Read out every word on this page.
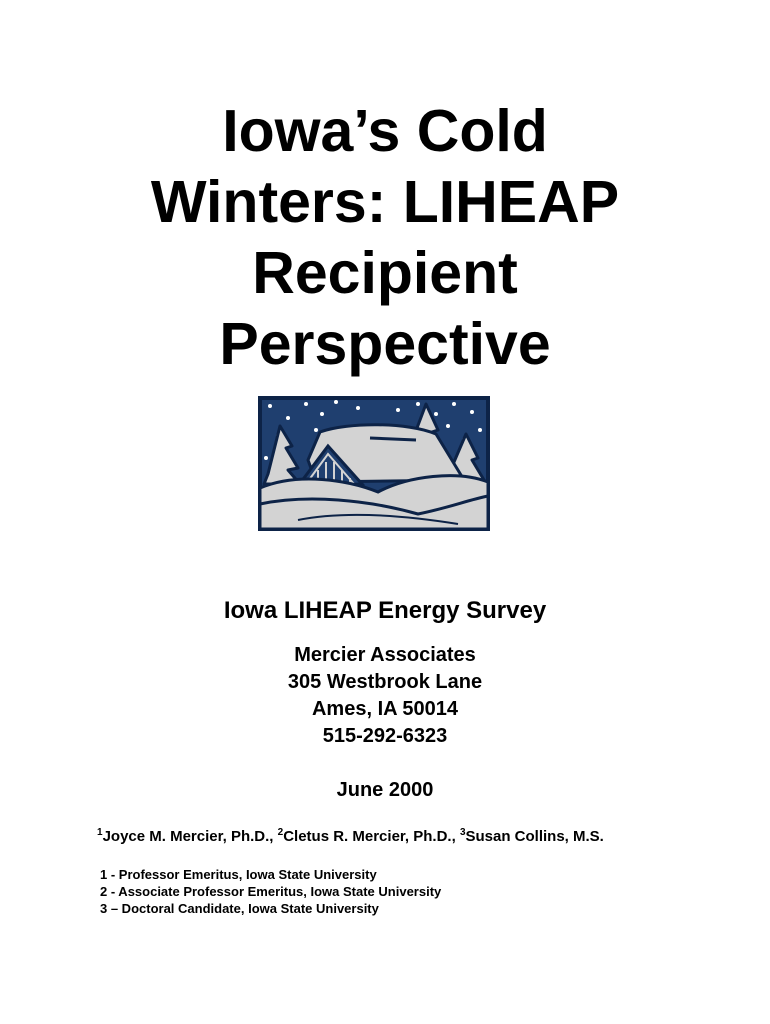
Iowa’s Cold
Winters: LIHEAP
Recipient
Perspective
Iowa LIHEAP Energy Survey
Mercier Associates
305 Westbrook Lane
Ames, IA 50014
515-292-6323
June 2000
$^1$Joyce M. Mercier, Ph.D., $^2$Cletus R. Mercier, Ph.D., $^3$Susan Collins, M.S.
1 - Professor Emeritus, Iowa State University
2 - Associate Professor Emeritus, Iowa State University
3 – Doctoral Candidate, Iowa State University
